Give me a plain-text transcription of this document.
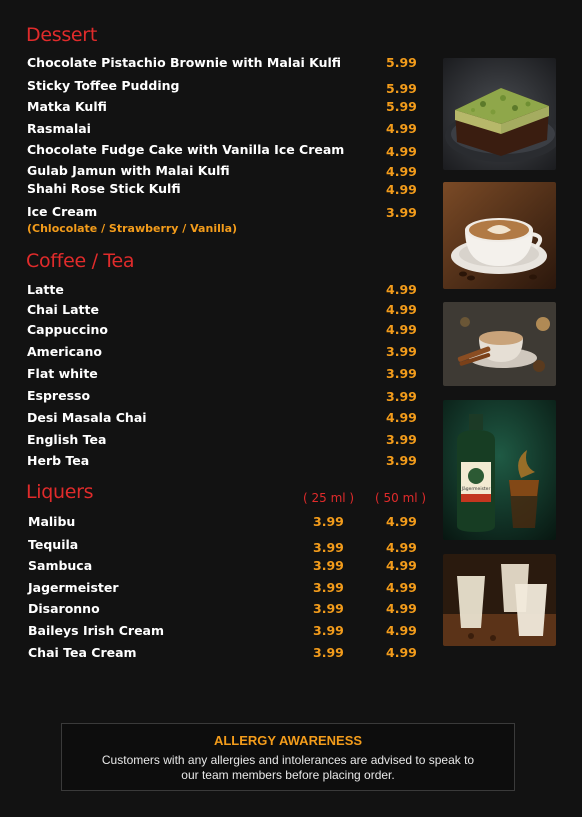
Dessert
Chocolate Pistachio Brownie with Malai Kulfi	5.99
Sticky Toffee Pudding	5.99
Matka Kulfi	5.99
Rasmalai	4.99
Chocolate Fudge Cake with Vanilla Ice Cream	4.99
Gulab Jamun with Malai Kulfi	4.99
Shahi Rose Stick Kulfi	4.99
Ice Cream	3.99
(Chlocolate / Strawberry / Vanilla)
Coffee / Tea
Latte	4.99
Chai Latte	4.99
Cappuccino	4.99
Americano	3.99
Flat white	3.99
Espresso	3.99
Desi Masala Chai	4.99
English Tea	3.99
Herb Tea	3.99
Liquers	( 25 ml ) ( 50 ml )
Malibu	3.99	4.99
Tequila	3.99	4.99
Sambuca	3.99	4.99
Jagermeister	3.99	4.99
Disaronno	3.99	4.99
Baileys Irish Cream	3.99	4.99
Chai Tea Cream	3.99	4.99
Jägermeister
ALLERGY AWARENESS
Customers with any allergies and intolerances are advised to speak to our team members before placing order.
